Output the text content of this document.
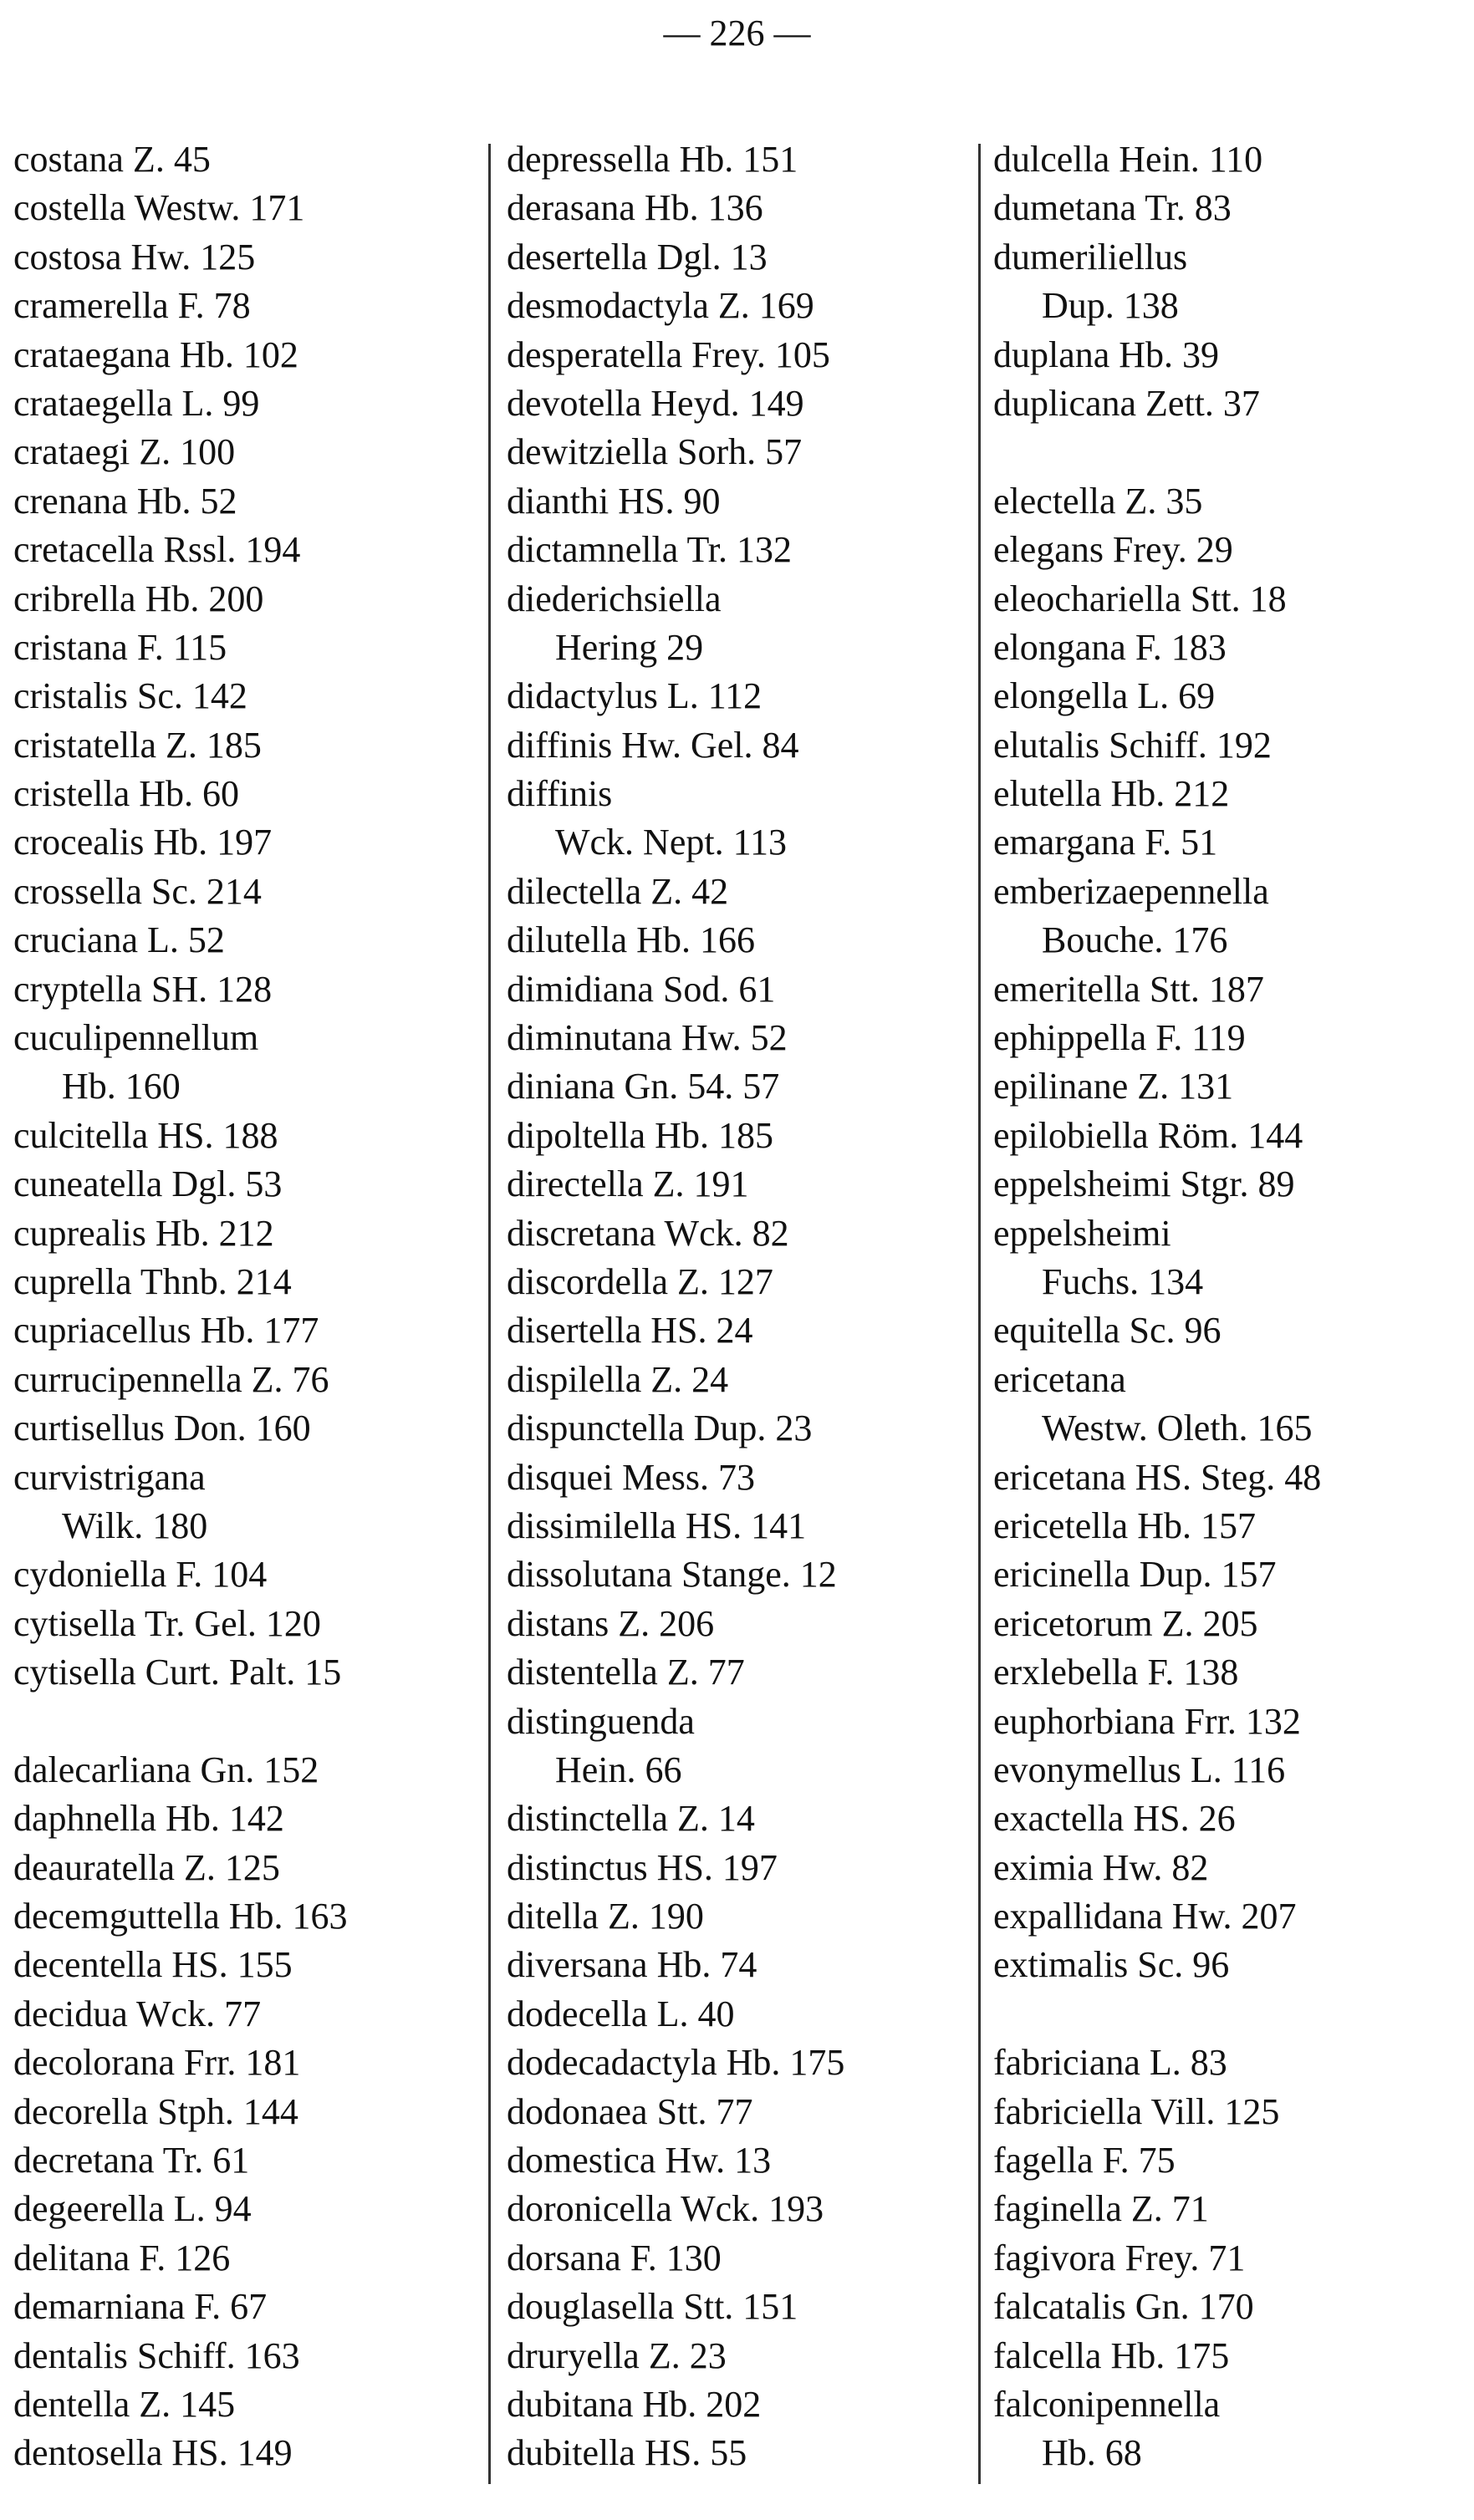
— 226 —
costana Z. 45
costella Westw. 171
costosa Hw. 125
cramerella F. 78
crataegana Hb. 102
crataegella L. 99
crataegi Z. 100
crenana Hb. 52
cretacella Rssl. 194
cribrella Hb. 200
cristana F. 115
cristalis Sc. 142
cristatella Z. 185
cristella Hb. 60
crocealis Hb. 197
crossella Sc. 214
cruciana L. 52
cryptella SH. 128
cuculipennellum
Hb. 160
culcitella HS. 188
cuneatella Dgl. 53
cuprealis Hb. 212
cuprella Thnb. 214
cupriacellus Hb. 177
currucipennella Z. 76
curtisellus Don. 160
curvistrigana
Wilk. 180
cydoniella F. 104
cytisella Tr. Gel. 120
cytisella Curt. Palt. 15
dalecarliana Gn. 152
daphnella Hb. 142
deauratella Z. 125
decemguttella Hb. 163
decentella HS. 155
decidua Wck. 77
decolorana Frr. 181
decorella Stph. 144
decretana Tr. 61
degeerella L. 94
delitana F. 126
demarniana F. 67
dentalis Schiff. 163
dentella Z. 145
dentosella HS. 149
depressella Hb. 151
derasana Hb. 136
desertella Dgl. 13
desmodactyla Z. 169
desperatella Frey. 105
devotella Heyd. 149
dewitziella Sorh. 57
dianthi HS. 90
dictamnella Tr. 132
diederichsiella
Hering 29
didactylus L. 112
diffinis Hw. Gel. 84
diffinis
Wck. Nept. 113
dilectella Z. 42
dilutella Hb. 166
dimidiana Sod. 61
diminutana Hw. 52
diniana Gn. 54. 57
dipoltella Hb. 185
directella Z. 191
discretana Wck. 82
discordella Z. 127
disertella HS. 24
dispilella Z. 24
dispunctella Dup. 23
disquei Mess. 73
dissimilella HS. 141
dissolutana Stange. 12
distans Z. 206
distentella Z. 77
distinguenda
Hein. 66
distinctella Z. 14
distinctus HS. 197
ditella Z. 190
diversana Hb. 74
dodecella L. 40
dodecadactyla Hb. 175
dodonaea Stt. 77
domestica Hw. 13
doronicella Wck. 193
dorsana F. 130
douglasella Stt. 151
druryella Z. 23
dubitana Hb. 202
dubitella HS. 55
dulcella Hein. 110
dumetana Tr. 83
dumeriliellus
Dup. 138
duplana Hb. 39
duplicana Zett. 37
electella Z. 35
elegans Frey. 29
eleochariella Stt. 18
elongana F. 183
elongella L. 69
elutalis Schiff. 192
elutella Hb. 212
emargana F. 51
emberizaepennella
Bouche. 176
emeritella Stt. 187
ephippella F. 119
epilinane Z. 131
epilobiella Röm. 144
eppelsheimi Stgr. 89
eppelsheimi
Fuchs. 134
equitella Sc. 96
ericetana
Westw. Oleth. 165
ericetana HS. Steg. 48
ericetella Hb. 157
ericinella Dup. 157
ericetorum Z. 205
erxlebella F. 138
euphorbiana Frr. 132
evonymellus L. 116
exactella HS. 26
eximia Hw. 82
expallidana Hw. 207
extimalis Sc. 96
fabriciana L. 83
fabriciella Vill. 125
fagella F. 75
faginella Z. 71
fagivora Frey. 71
falcatalis Gn. 170
falcella Hb. 175
falconipennella
Hb. 68
